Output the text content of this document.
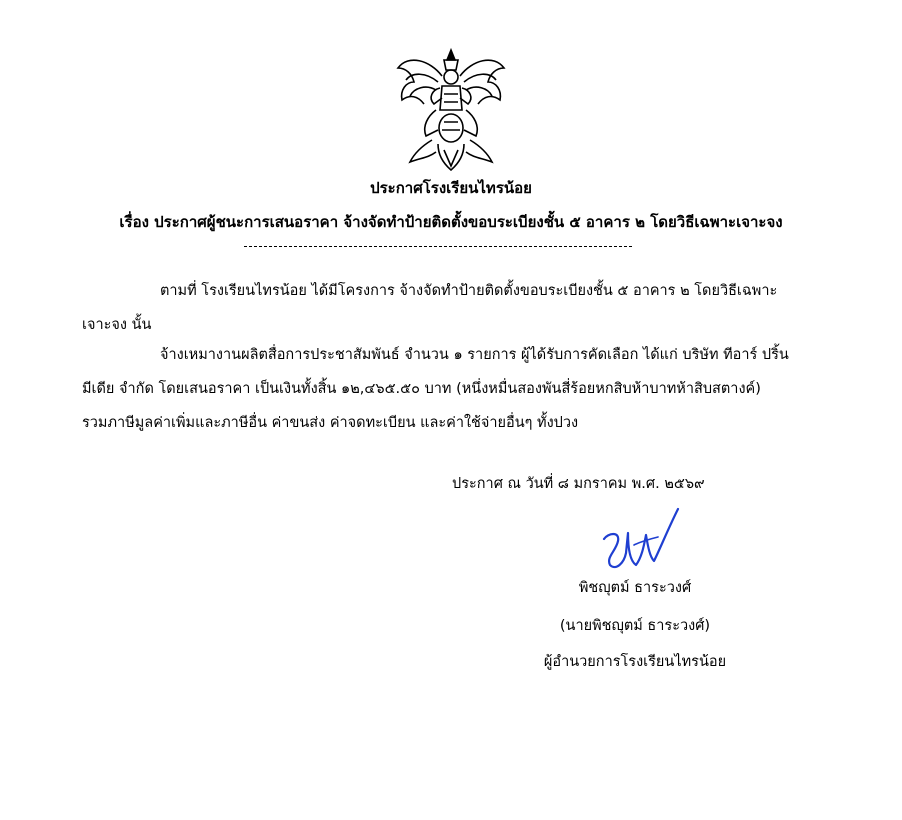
ประกาศโรงเรียนไทรน้อย
เรื่อง ประกาศผู้ชนะการเสนอราคา จ้างจัดทำป้ายติดตั้งขอบระเบียงชั้น ๕ อาคาร ๒ โดยวิธีเฉพาะเจาะจง
ตามที่ โรงเรียนไทรน้อย ได้มีโครงการ จ้างจัดทำป้ายติดตั้งขอบระเบียงชั้น ๕ อาคาร ๒ โดยวิธีเฉพาะ
เจาะจง นั้น
จ้างเหมางานผลิตสื่อการประชาสัมพันธ์ จำนวน ๑ รายการ ผู้ได้รับการคัดเลือก ได้แก่ บริษัท ทีอาร์ ปริ้น
มีเดีย จำกัด โดยเสนอราคา เป็นเงินทั้งสิ้น ๑๒,๔๖๕.๕๐ บาท (หนึ่งหมื่นสองพันสี่ร้อยหกสิบห้าบาทห้าสิบสตางค์)
รวมภาษีมูลค่าเพิ่มและภาษีอื่น ค่าขนส่ง ค่าจดทะเบียน และค่าใช้จ่ายอื่นๆ ทั้งปวง
ประกาศ ณ วันที่ ๘ มกราคม พ.ศ. ๒๕๖๙
พิชญุตม์ ธาระวงศ์
(นายพิชญุตม์ ธาระวงศ์)
ผู้อำนวยการโรงเรียนไทรน้อย
